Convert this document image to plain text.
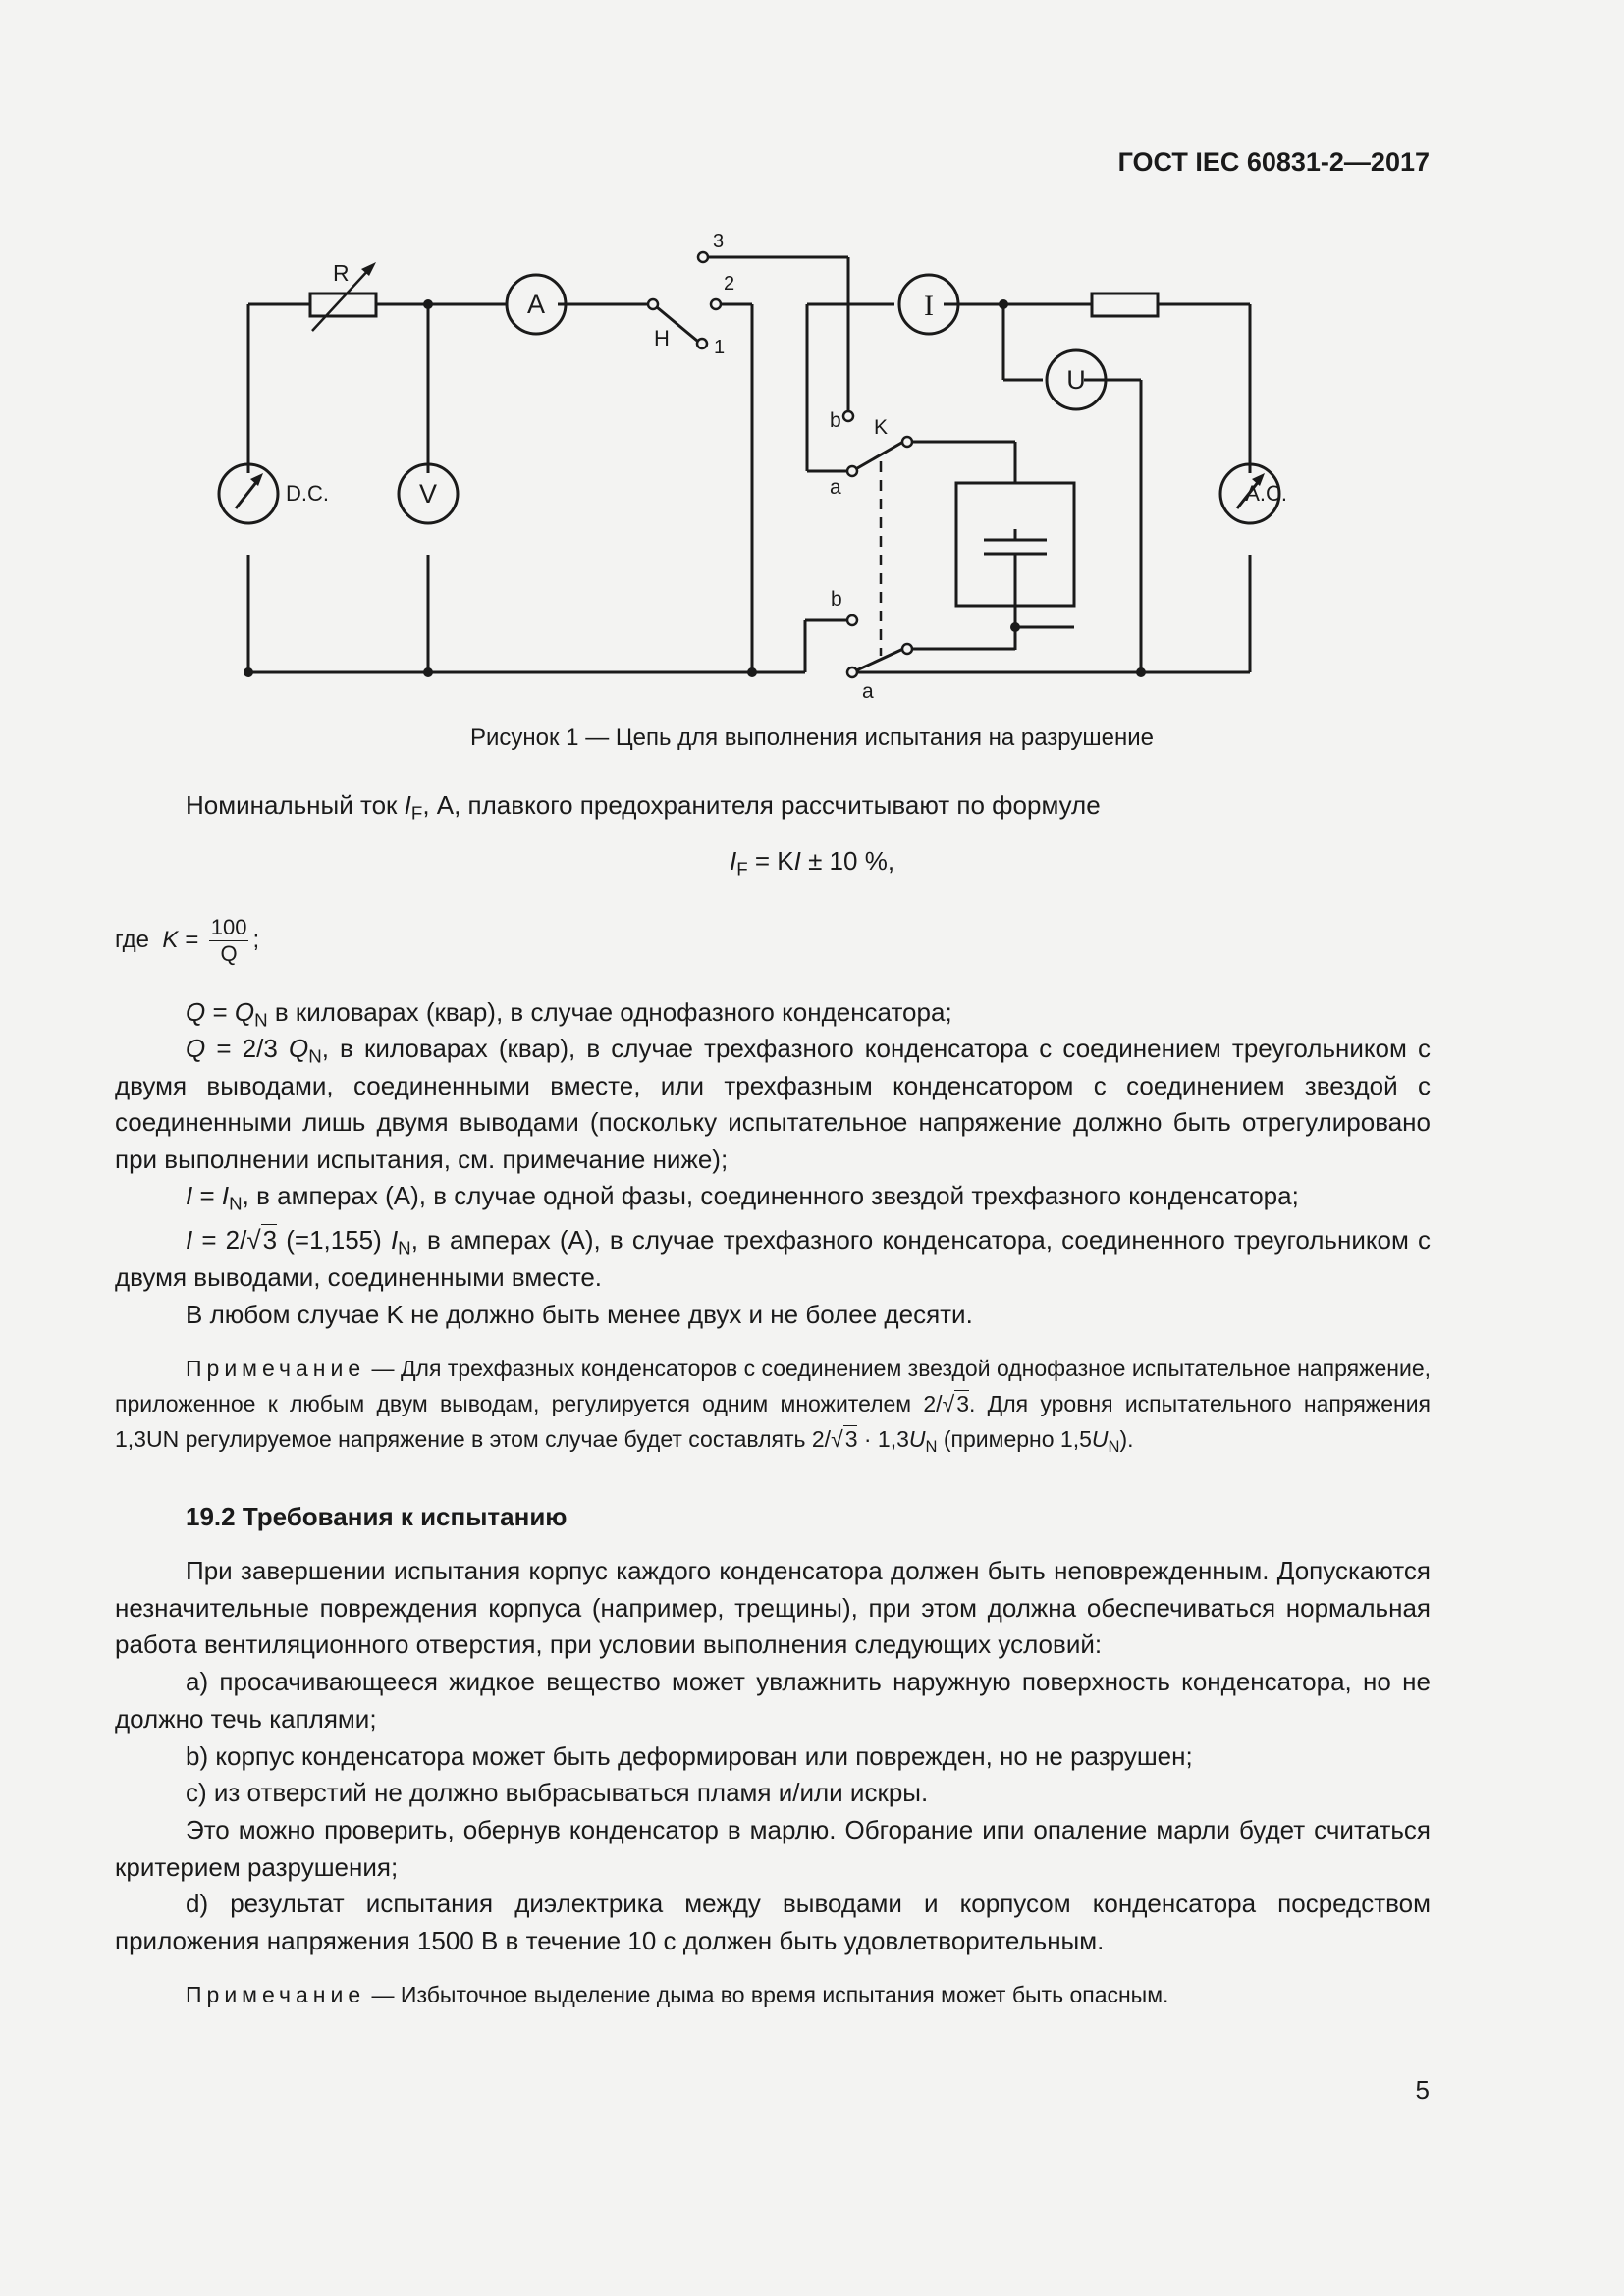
ГОСТ IEC 60831-2—2017
R
A
V
D.C.	A.C.
H 1
2
3
I
U
K
b
a
b
a
Рисунок 1 — Цепь для выполнения испытания на разрушение
Номинальный ток $I_F$, А, плавкого предохранителя рассчитывают по формуле
$I_F$ = KI ± 10 %,
где $K = \frac{100}{Q}$ ;
$Q = Q_N$ в киловарах (квар), в случае однофазного конденсатора;
Q = 2/3 $Q_N$, в киловарах (квар), в случае трехфазного конденсатора с соединением треугольником с двумя выводами, соединенными вместе, или трехфазным конденсатором с соединением звездой с соединенными лишь двумя выводами (поскольку испытательное напряжение должно быть отрегулировано при выполнении испытания, см. примечание ниже);
$I = I_N$, в амперах (А), в случае одной фазы, соединенного звездой трехфазного конденсатора;
I = 2/√3 (=1,155) $I_N$, в амперах (А), в случае трехфазного конденсатора, соединенного треугольником с двумя выводами, соединенными вместе.
В любом случае K не должно быть менее двух и не более десяти.
Примечание — Для трехфазных конденсаторов с соединением звездой однофазное испытательное напряжение, приложенное к любым двум выводам, регулируется одним множителем 2/√3. Для уровня испытательного напряжения 1,3UN регулируемое напряжение в этом случае будет составлять $2/√3 \cdot 1,3U_N$ (примерно $1,5U_N$).
19.2 Требования к испытанию
При завершении испытания корпус каждого конденсатора должен быть неповрежденным. Допускаются незначительные повреждения корпуса (например, трещины), при этом должна обеспечиваться нормальная работа вентиляционного отверстия, при условии выполнения следующих условий:
a) просачивающееся жидкое вещество может увлажнить наружную поверхность конденсатора, но не должно течь каплями;
b) корпус конденсатора может быть деформирован или поврежден, но не разрушен;
c) из отверстий не должно выбрасываться пламя и/или искры.
Это можно проверить, обернув конденсатор в марлю. Обгорание ипи опаление марли будет считаться критерием разрушения;
d) результат испытания диэлектрика между выводами и корпусом конденсатора посредством приложения напряжения 1500 В в течение 10 с должен быть удовлетворительным.
Примечание — Избыточное выделение дыма во время испытания может быть опасным.
5
